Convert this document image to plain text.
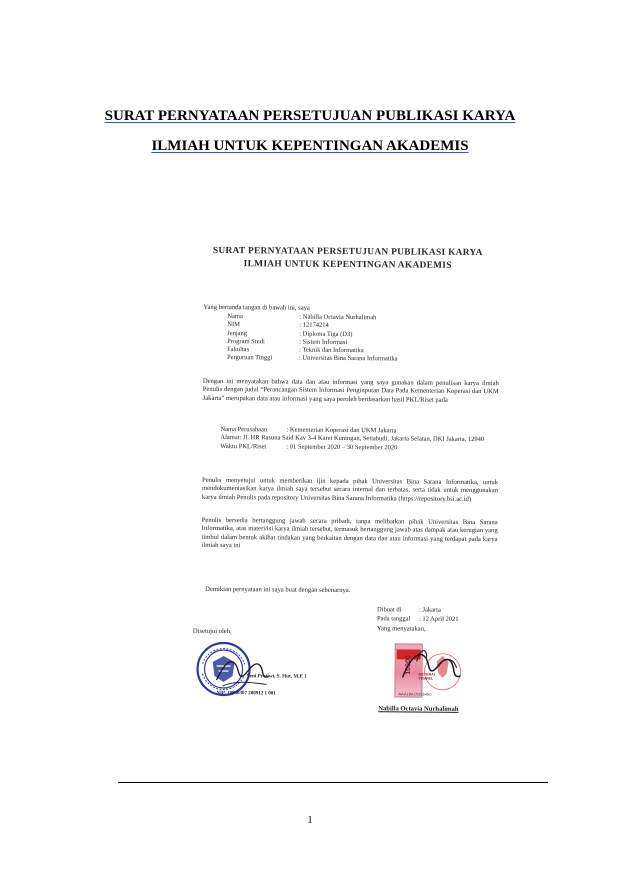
SURAT PERNYATAAN PERSETUJUAN PUBLIKASI KARYA
ILMIAH UNTUK KEPENTINGAN AKADEMIS
SURAT PERNYATAAN PERSETUJUAN PUBLIKASI KARYA
ILMIAH UNTUK KEPENTINGAN AKADEMIS
Yang bertanda tangan di bawah ini, saya
Nama	: Nabilla Octavia Nurhalimah
NIM	: 12174214
Jenjang	: Diploma Tiga (D3)
Program Studi	: Sistem Informasi
Fakultas	: Teknik dan Informatika
Perguruan Tinggi	: Universitas Bina Sarana Informatika

Dengan ini menyatakan bahwa data dan atau informasi yang saya gunakan dalam penulisan karya ilmiah Penulis dengan judul “Perancangan Sistem Informasi Penginputan Data Pada Kementerian Koperasi dan UKM Jakarta” merupakan data atau informasi yang saya peroleh berdasarkan hasil PKL/Riset pada

Nama Perusahaan	: Kementerian Koperasi dan UKM Jakarta
Alamat : Jl. HR Rasuna Said Kav 3-4 Karet Kuningan, Setiabudi, Jakarta Selatan, DKI Jakarta, 12940
Waktu PKL/Riset	: 01 September 2020 – 30 September 2020

Penulis menyetujui untuk memberikan ijin kepada pihak Universitas Bina Sarana Informatika, untuk mendokumentasikan karya ilmiah saya tersebut secara internal dan terbatas, serta tidak untuk menggunakan karya ilmiah Penulis pada repository Universitas Bina Sarana Informatika (https://repository.bsi.ac.id)

Penulis bersedia bertanggung jawab secara pribadi, tanpa melibatkan pihak Universitas Bina Sarana Informatika, atas materi/isi karya ilmiah tersebut, termasuk bertanggung jawab atas dampak atau kerugian yang timbul dalam bentuk akibat tindakan yang berkaitan dengan data dan atau informasi yang terdapat pada karya ilmiah saya ini

Demikian pernyataan ini saya buat dengan sebenarnya.
Dibuat di	: Jakarta
Pada tanggal	: 12 April 2021
Yang menyatakan,
Disetujui oleh,
Yeni Pratiwi, S. Hut, M.E 1
NIP. 19830307 200912 1 001
10000 METERAI TEMPEL
AAA18AJX255450
Nabilla Octavia Nurhalimah
1
